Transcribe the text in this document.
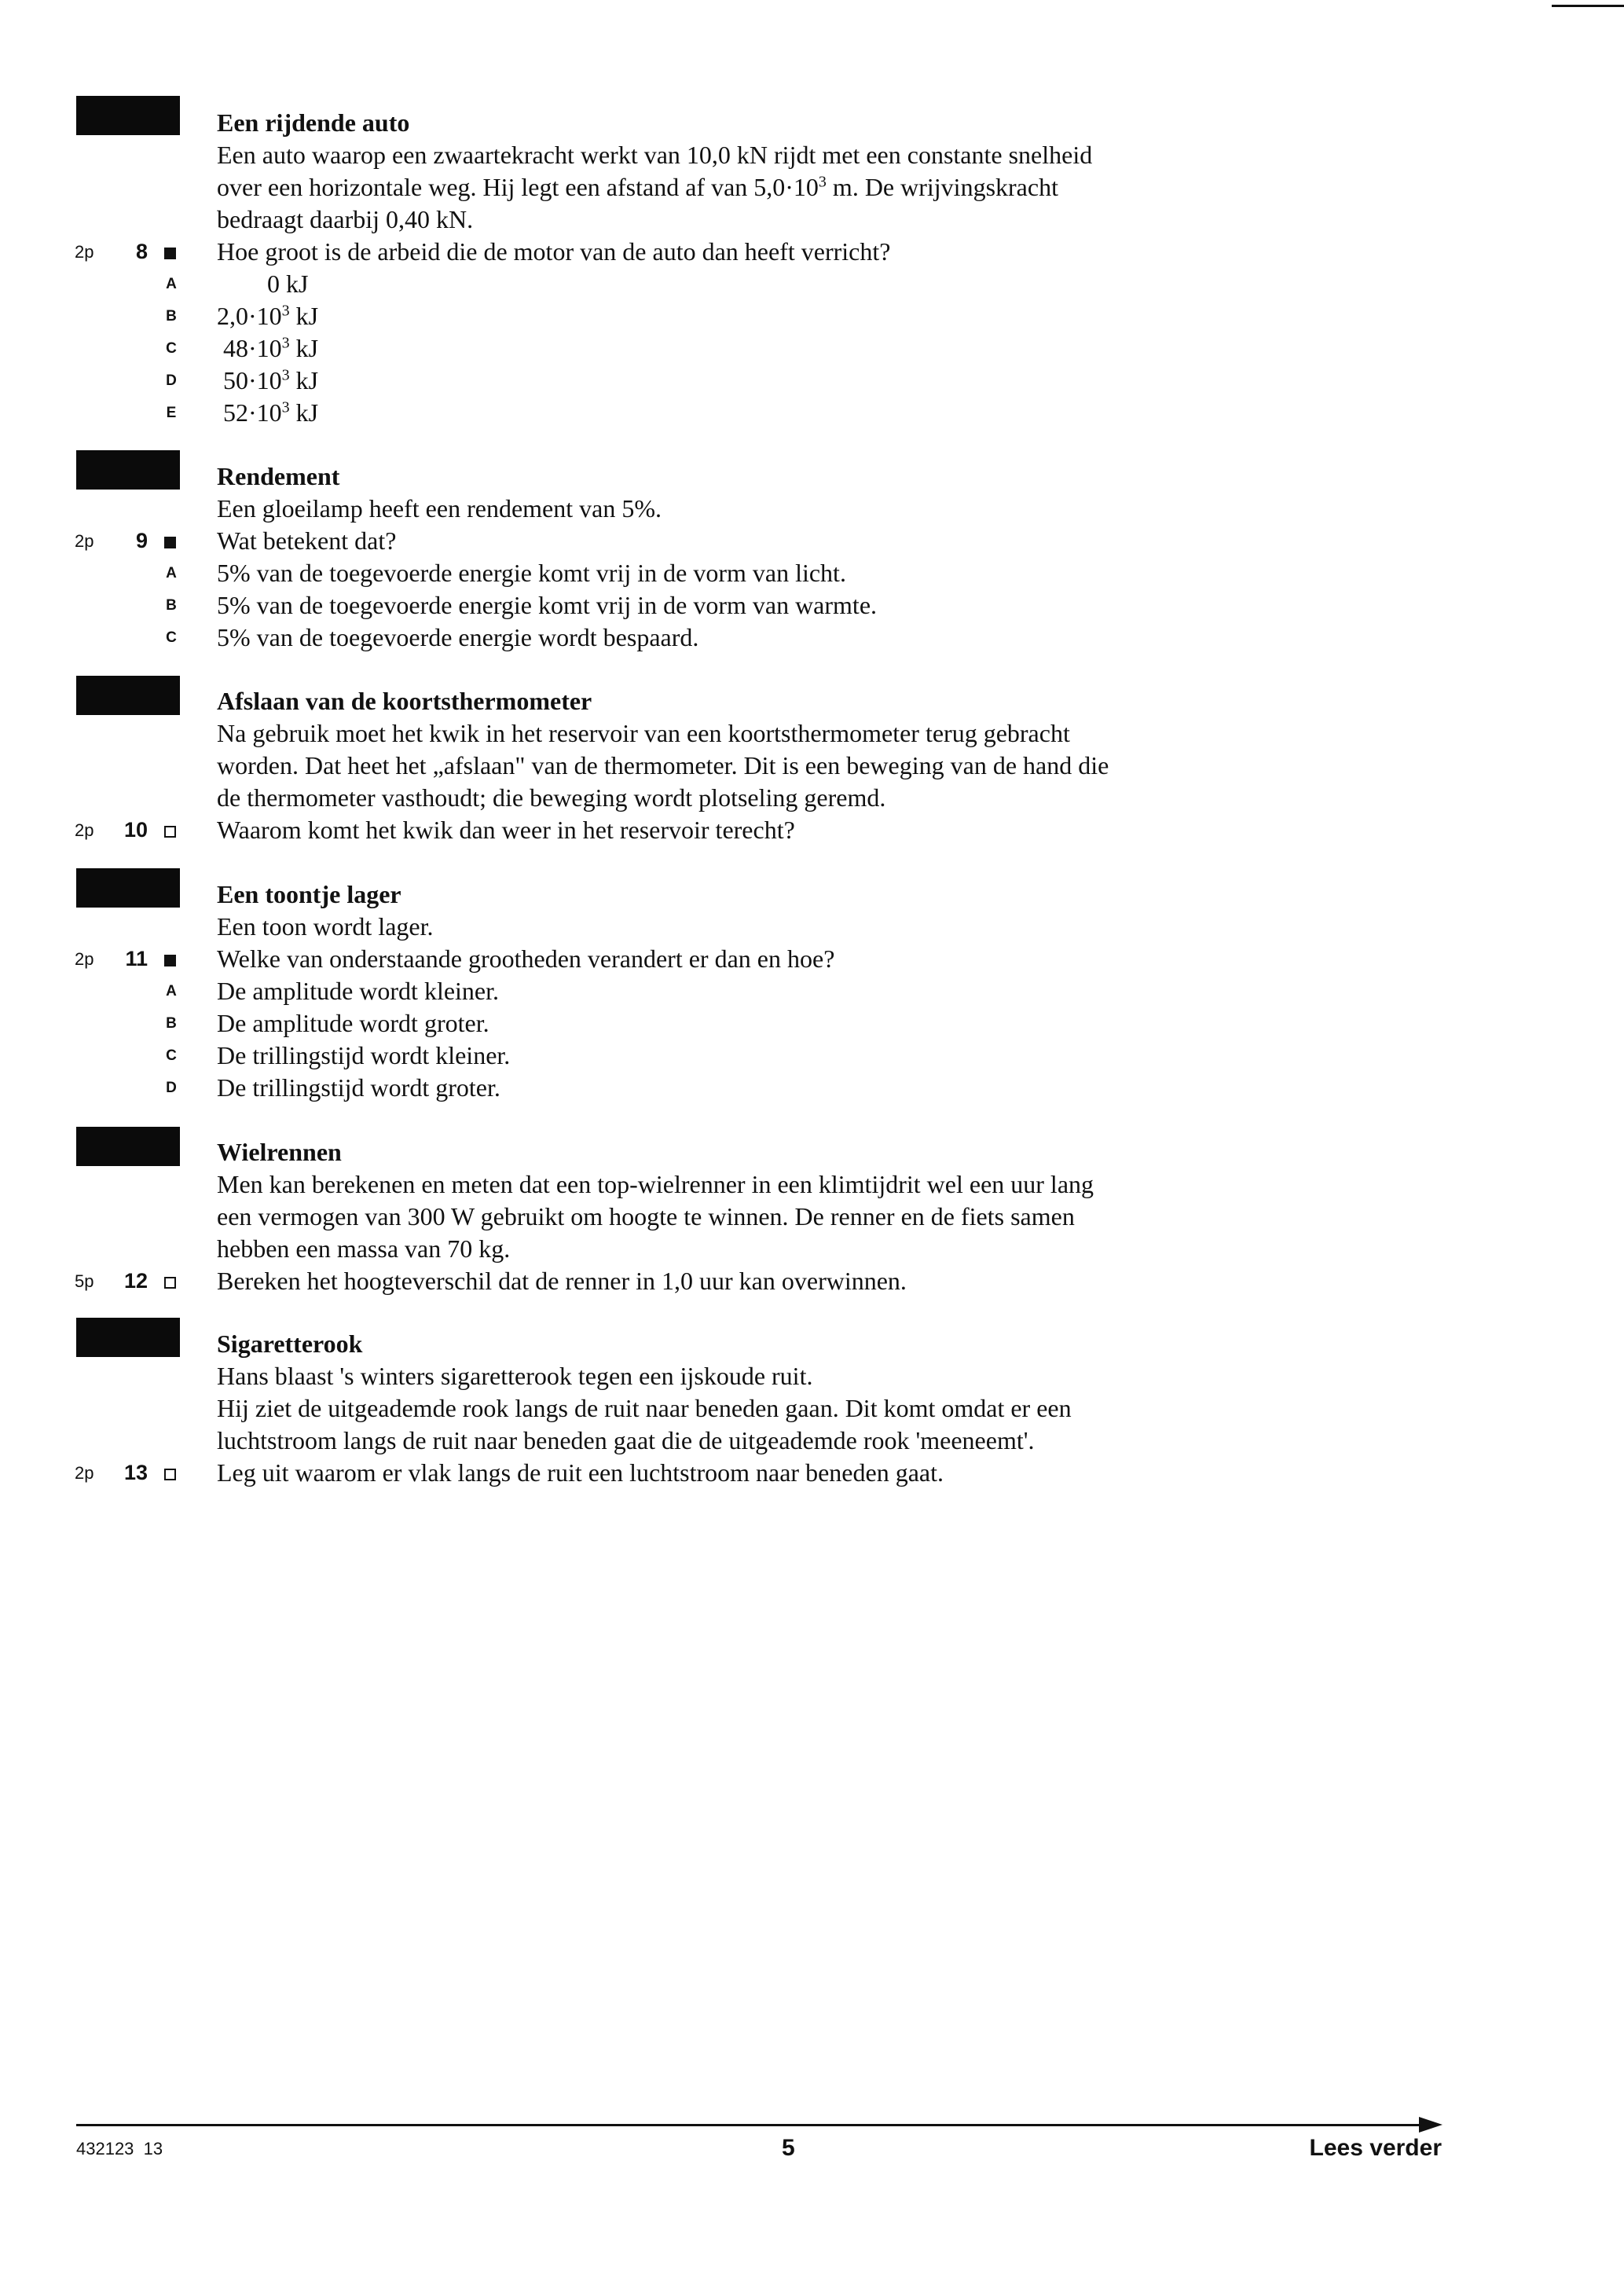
Een rijdende auto
Een auto waarop een zwaartekracht werkt van 10,0 kN rijdt met een constante snelheid
over een horizontale weg. Hij legt een afstand af van $5,0\cdot 10^3$ m. De wrijvingskracht
bedraagt daarbij 0,40 kN.
2p	8	Hoe groot is de arbeid die de motor van de auto dan heeft verricht?
A	0 kJ
B $2,0\cdot 10^3$ kJ
C $48\cdot 10^3$ kJ
D $50\cdot 10^3$ kJ
E $52\cdot 10^3$ kJ
Rendement
Een gloeilamp heeft een rendement van 5%.
2p	9	Wat betekent dat?
A 5% van de toegevoerde energie komt vrij in de vorm van licht.
B 5% van de toegevoerde energie komt vrij in de vorm van warmte.
C 5% van de toegevoerde energie wordt bespaard.
Afslaan van de koortsthermometer
Na gebruik moet het kwik in het reservoir van een koortsthermometer terug gebracht
worden. Dat heet het „afslaan" van de thermometer. Dit is een beweging van de hand die
de thermometer vasthoudt; die beweging wordt plotseling geremd.
2p	10	Waarom komt het kwik dan weer in het reservoir terecht?
Een toontje lager
Een toon wordt lager.
2p	11	Welke van onderstaande grootheden verandert er dan en hoe?
A De amplitude wordt kleiner.
B De amplitude wordt groter.
C De trillingstijd wordt kleiner.
D De trillingstijd wordt groter.
Wielrennen
Men kan berekenen en meten dat een top-wielrenner in een klimtijdrit wel een uur lang
een vermogen van 300 W gebruikt om hoogte te winnen. De renner en de fiets samen
hebben een massa van 70 kg.
5p	12	Bereken het hoogteverschil dat de renner in 1,0 uur kan overwinnen.
Sigaretterook
Hans blaast 's winters sigaretterook tegen een ijskoude ruit.
Hij ziet de uitgeademde rook langs de ruit naar beneden gaan. Dit komt omdat er een
luchtstroom langs de ruit naar beneden gaat die de uitgeademde rook 'meeneemt'.
2p	13	Leg uit waarom er vlak langs de ruit een luchtstroom naar beneden gaat.
432123  13	5	Lees verder
